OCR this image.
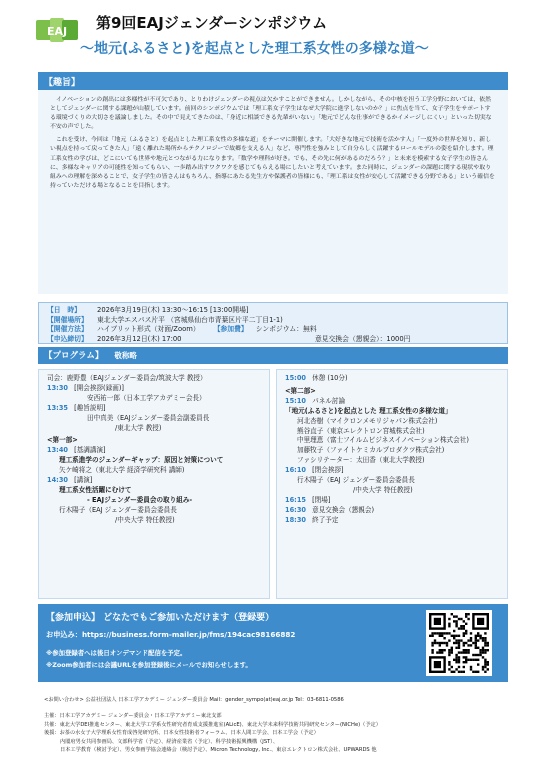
EAJ 第9回EAJジェンダーシンポジウム
～地元(ふるさと)を起点とした理工系女性の多様な道～
【趣旨】

イノベーションの創出には多様性が不可欠であり、とりわけジェンダーの視点は欠かすことができません。しかしながら、その中核を担う工学分野においては、依然としてジェンダーに関する課題が山積しています。前回のシンポジウムでは「理工系女子学生はなぜ大学院に進学しないのか？」に焦点を当て、女子学生をサポートする環境づくりの大切さを議論しました。その中で見えてきたのは、「身近に相談できる先輩がいない」「地元でどんな仕事ができるかイメージしにくい」といった切実な不安の声でした。

これを受け、今回は「地元（ふるさと）を起点とした理工系女性の多様な道」をテーマに開催します。「大好きな地元で技術を活かす人」「一度外の世界を知り、新しい視点を持って戻ってきた人」「遠く離れた場所からテクノロジーで故郷を支える人」など、専門性を強みとして自分らしく活躍するロールモデルの姿を紹介します。理工系女性の学びは、どこにいても世界や地元とつながる力になります。「数学や理科が好き。でも、その先に何があるのだろう？」と未来を模索する女子学生の皆さんに、多様なキャリアの可能性を知ってもらい、一歩踏み出すワクワクを感じてもらえる場にしたいと考えています。また同時に、ジェンダーの課題に関する現状や取り組みへの理解を深めることで、女子学生の皆さんはもちろん、指導にあたる先生方や保護者の皆様にも、「理工系は女性が安心して活躍できる分野である」という確信を持っていただける場となることを目指します。

【日　時】	2026年3月19日(木) 13:30～16:15 [13:00開場]
【開催場所】	東北大学エスパス片平 （宮城県仙台市青葉区片平二丁目1-1)
【開催方法】	ハイブリット形式（対面/Zoom） 【参加費】 シンポジウム：無料
【申込締切】	2026年3月12日(木) 17:00	意見交換会（懇親会）：1000円
【プログラム】 敬称略
司会：鹿野豊（EAJジェンダー委員会/筑波大学 教授）
13:30 [開会挨拶(録画)]
安西祐一郎（日本工学アカデミー会長）
13:35 [趣旨説明]
田中真美（EAJジェンダー委員会副委員長
/東北大学 教授)
<第一部>
13:40 [基調講演]
理工系進学のジェンダーギャップ：原因と対策について
矢ケ崎将之（東北大学 経済学研究科 講師)
14:30 [講演]
理工系女性活躍にむけて
- EAJジェンダー委員会の取り組み-
行木陽子（EAJ ジェンダー委員会委員長
/中央大学 特任教授)
15:00 休憩 (10分)
<第二部>
15:10 パネル討論
「地元(ふるさと)を起点とした 理工系女性の多様な道」
河北杏樹（マイクロンメモリジャパン株式会社)
熊谷直子（東京エレクトロン宮城株式会社)
中里理恵（富士フイルムビジネスイノベーション株式会社)
加藤牧子（ファイトケミカルプロダクツ株式会社)
ファシリテーター：太田香（東北大学教授)
16:10 [閉会挨拶]
行木陽子（EAJ ジェンダー委員会委員長
/中央大学 特任教授)
16:15 [閉場]
16:30 意見交換会（懇親会)
18:30 終了予定
【参加申込】 どなたでもご参加いただけます（登録要）
お申込み：https://business.form-mailer.jp/fms/194cac98166882
※参加登録者へは後日オンデマンド配信を予定。
※Zoom参加者には会議URLを参加登録後にメールでお知らせします。
<お問い合わせ> 公益社団法人 日本工学アカデミー ジェンダー委員会 Mail：gender_sympo(at)eaj.or.jp Tel：03-6811-0586
主催：日本工学アカデミー ジェンダー委員会・日本工学アカデミー東北支部
共催：東北大学DEI推進センター、東北大学工学系女性研究者育成支援推進室(ALicE)、東北大学未来科学技術共同研究センター(NICHe)（予定）
後援：お茶の水女子大学理系女性育成啓発研究所、日本女性技術者フォーラム、日本人間工学会、日本工学会（予定）
内閣府男女共同参画局、文部科学省（予定）、経済産業省（予定）、科学技術振興機構（JST）、
日本工学教育（検討予定）、男女参画学協会連絡会（検討予定）、Micron Technology, Inc.、東京エレクトロン株式会社、UPWARDS 他
